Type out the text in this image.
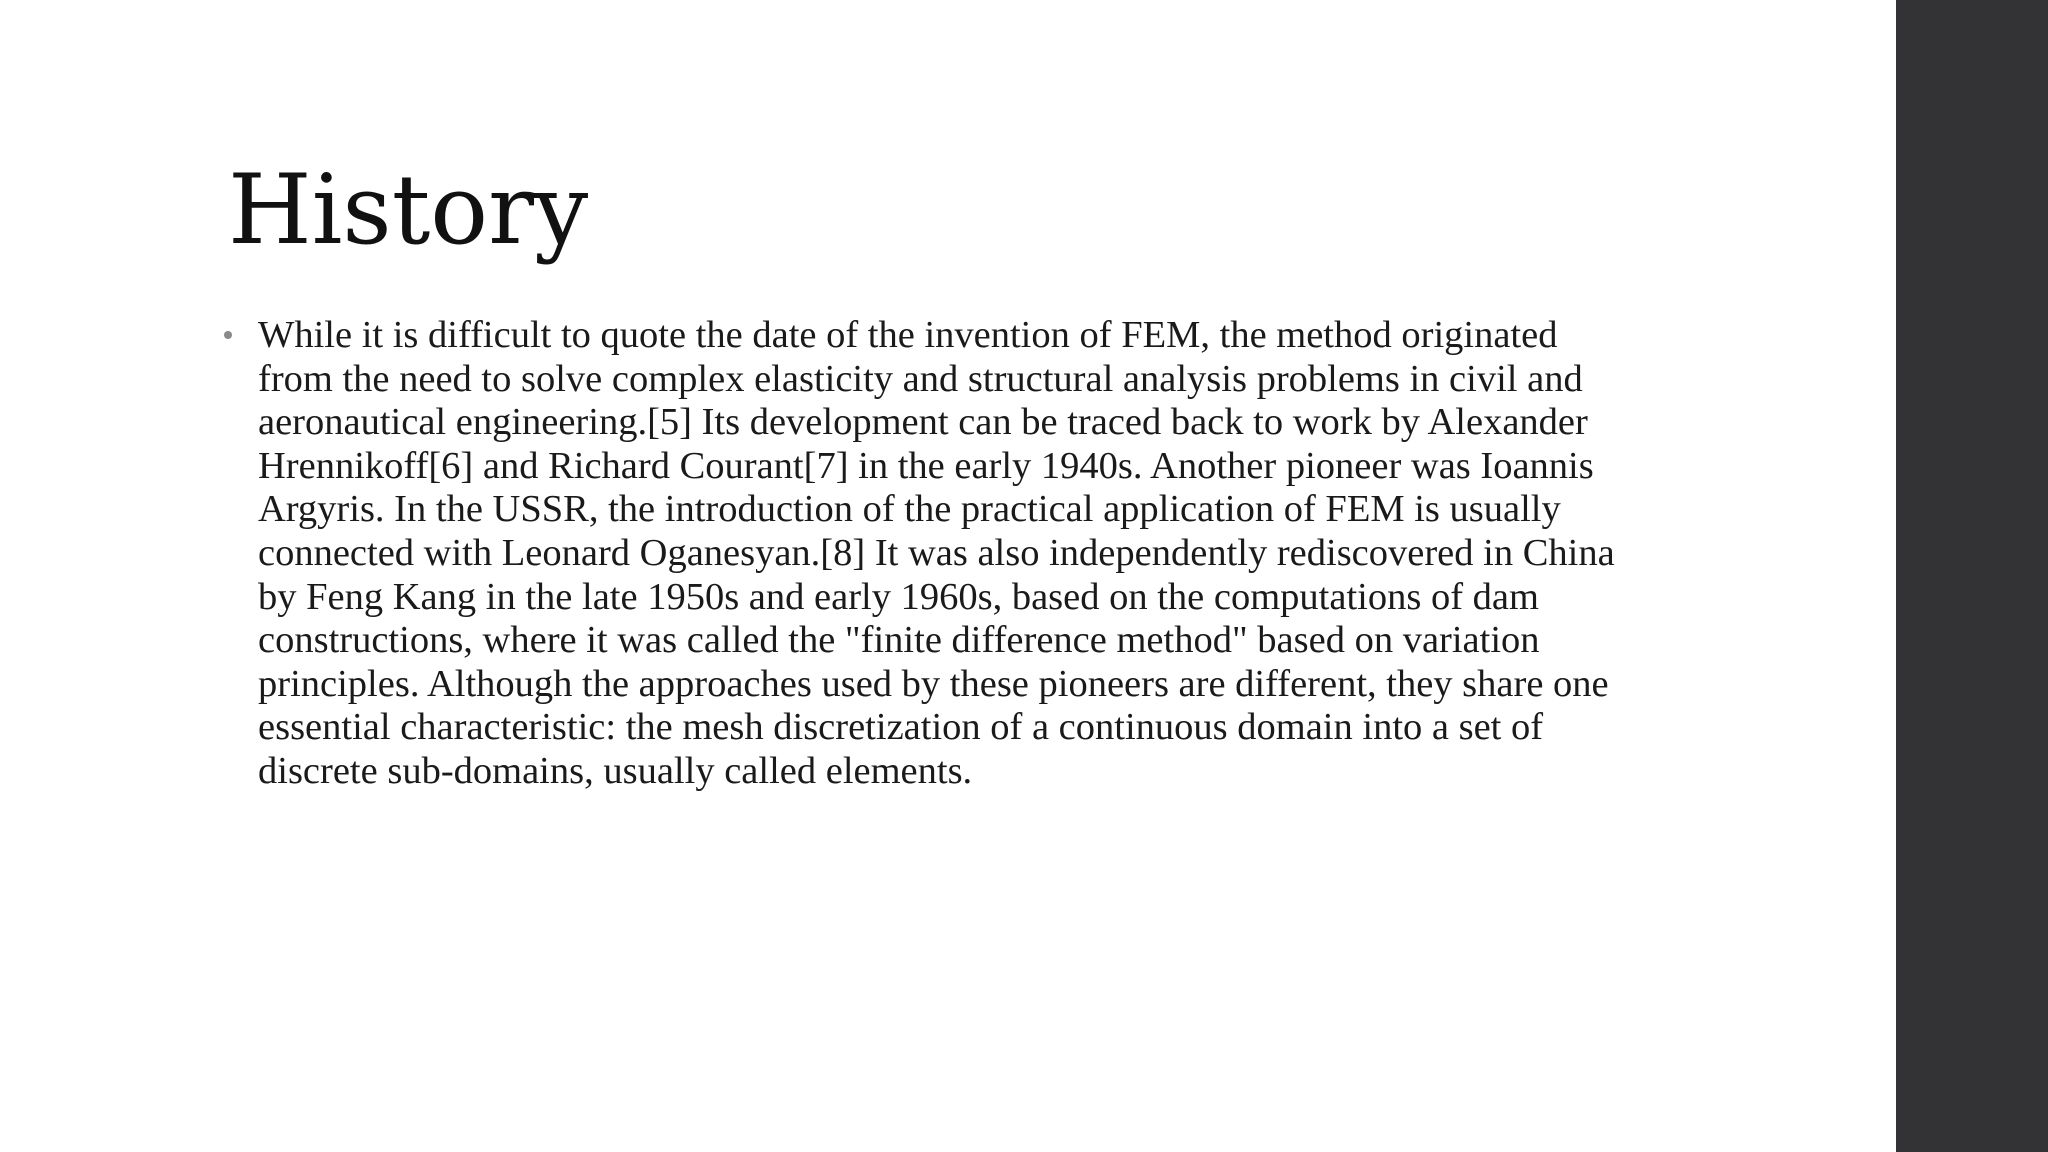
History
While it is difficult to quote the date of the invention of FEM, the method originated from the need to solve complex elasticity and structural analysis problems in civil and aeronautical engineering.[5] Its development can be traced back to work by Alexander Hrennikoff[6] and Richard Courant[7] in the early 1940s. Another pioneer was Ioannis Argyris. In the USSR, the introduction of the practical application of FEM is usually connected with Leonard Oganesyan.[8] It was also independently rediscovered in China by Feng Kang in the late 1950s and early 1960s, based on the computations of dam constructions, where it was called the "finite difference method" based on variation principles. Although the approaches used by these pioneers are different, they share one essential characteristic: the mesh discretization of a continuous domain into a set of discrete sub-domains, usually called elements.
